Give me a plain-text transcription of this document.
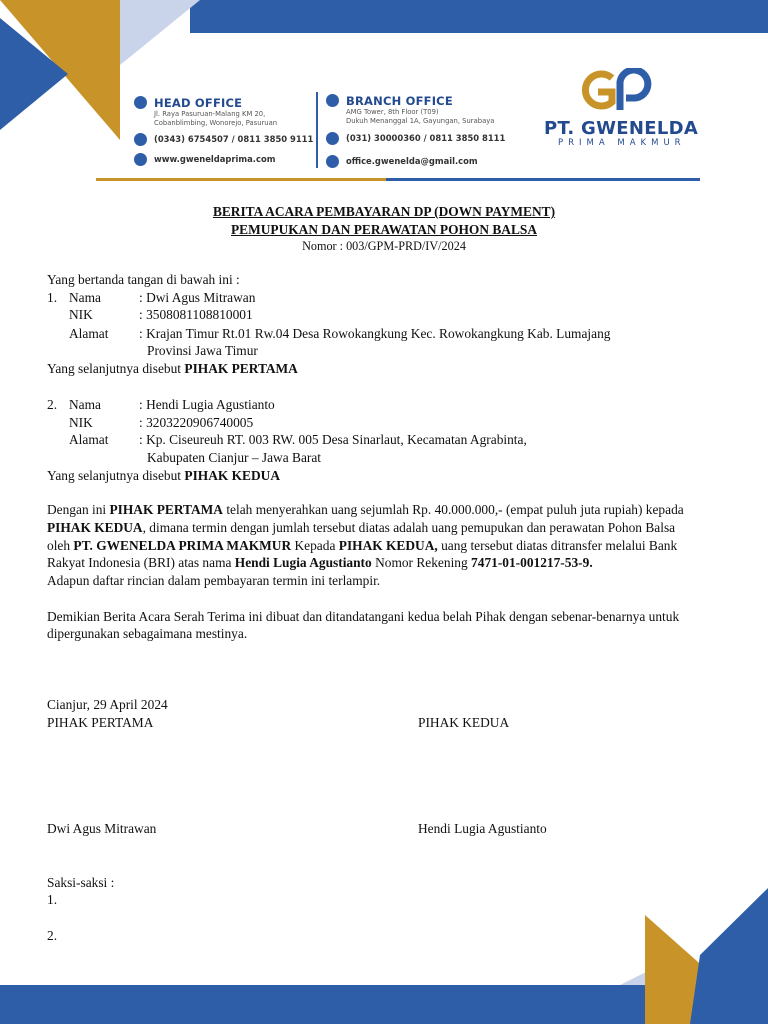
HEAD OFFICE
Jl. Raya Pasuruan-Malang KM 20,
Cobanblimbing, Wonorejo, Pasuruan
(0343) 6754507 / 0811 3850 9111
www.gweneldaprima.com
BRANCH OFFICE
AMG Tower, 8th Floor (T09)
Dukuh Menanggal 1A, Gayungan, Surabaya
(031) 30000360 / 0811 3850 8111
office.gwenelda@gmail.com
PT. GWENELDA
PRIMA MAKMUR
BERITA ACARA PEMBAYARAN DP (DOWN PAYMENT)
PEMUPUKAN DAN PERAWATAN POHON BALSA
Nomor : 003/GPM-PRD/IV/2024
Yang bertanda tangan di bawah ini :
1. Nama	: Dwi Agus Mitrawan
NIK	: 3508081108810001
Alamat : Krajan Timur Rt.01 Rw.04 Desa Rowokangkung Kec. Rowokangkung Kab. Lumajang
Provinsi Jawa Timur
Yang selanjutnya disebut PIHAK PERTAMA
2. Nama	: Hendi Lugia Agustianto
NIK	: 3203220906740005
Alamat : Kp. Ciseureuh RT. 003 RW. 005 Desa Sinarlaut, Kecamatan Agrabinta,
Kabupaten Cianjur – Jawa Barat
Yang selanjutnya disebut PIHAK KEDUA
Dengan ini PIHAK PERTAMA telah menyerahkan uang sejumlah Rp. 40.000.000,- (empat puluh juta rupiah) kepada
PIHAK KEDUA, dimana termin dengan jumlah tersebut diatas adalah uang pemupukan dan perawatan Pohon Balsa
oleh PT. GWENELDA PRIMA MAKMUR Kepada PIHAK KEDUA, uang tersebut diatas ditransfer melalui Bank
Rakyat Indonesia (BRI) atas nama Hendi Lugia Agustianto Nomor Rekening 7471-01-001217-53-9.
Adapun daftar rincian dalam pembayaran termin ini terlampir.
Demikian Berita Acara Serah Terima ini dibuat dan ditandatangani kedua belah Pihak dengan sebenar-benarnya untuk
dipergunakan sebagaimana mestinya.
Cianjur, 29 April 2024
PIHAK PERTAMA	PIHAK KEDUA
Dwi Agus Mitrawan	Hendi Lugia Agustianto
Saksi-saksi :
1.
2.
